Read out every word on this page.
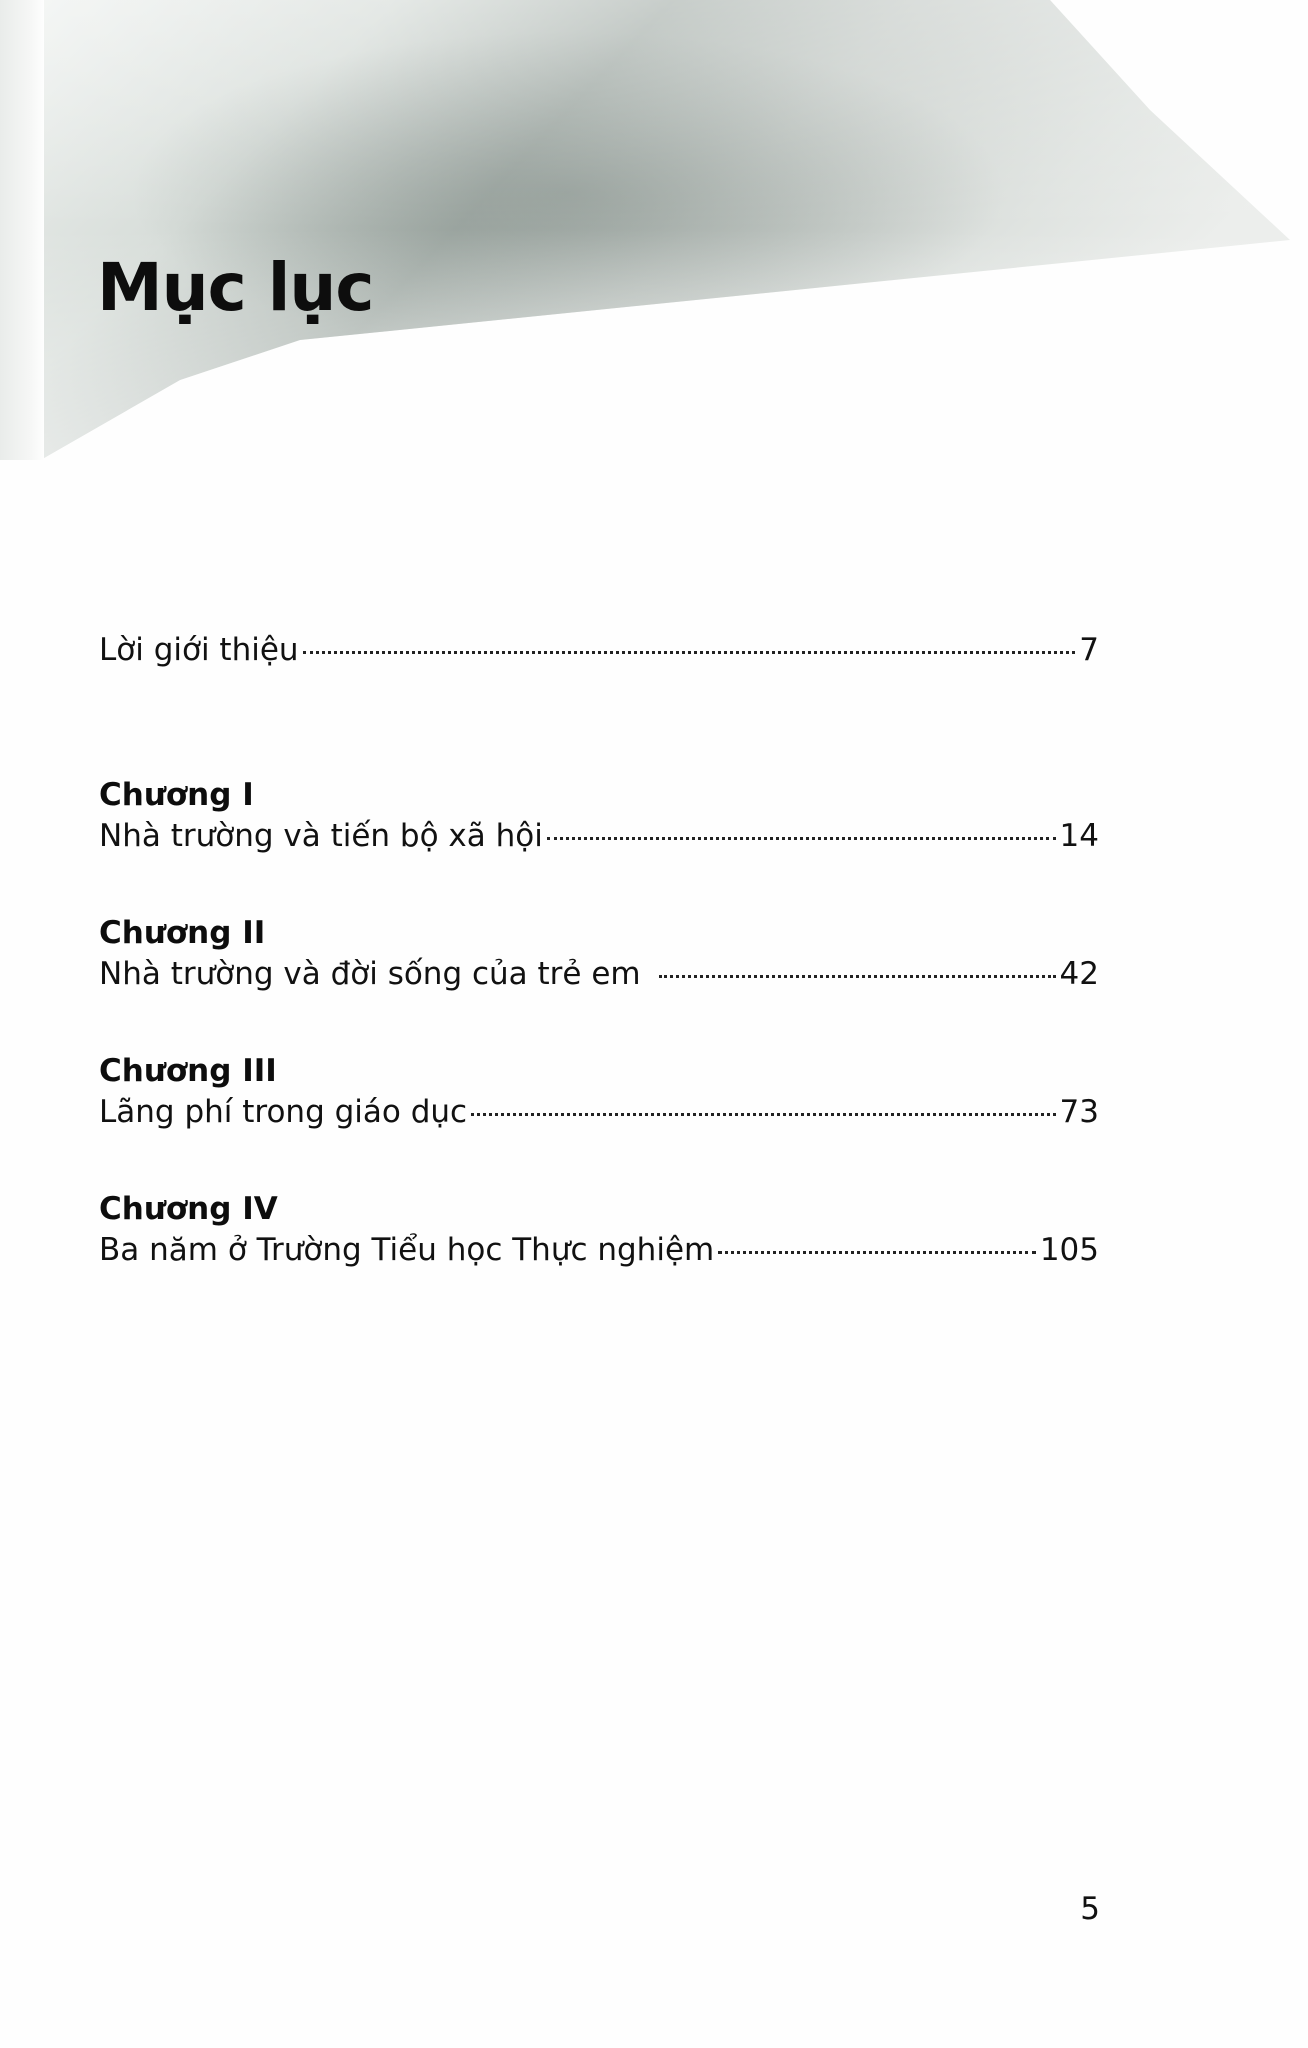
Mục lục
Lời giới thiệu	7
Chương I
Nhà trường và tiến bộ xã hội	14
Chương II
Nhà trường và đời sống của trẻ em	42
Chương III
Lãng phí trong giáo dục	73
Chương IV
Ba năm ở Trường Tiểu học Thực nghiệm	105
5
